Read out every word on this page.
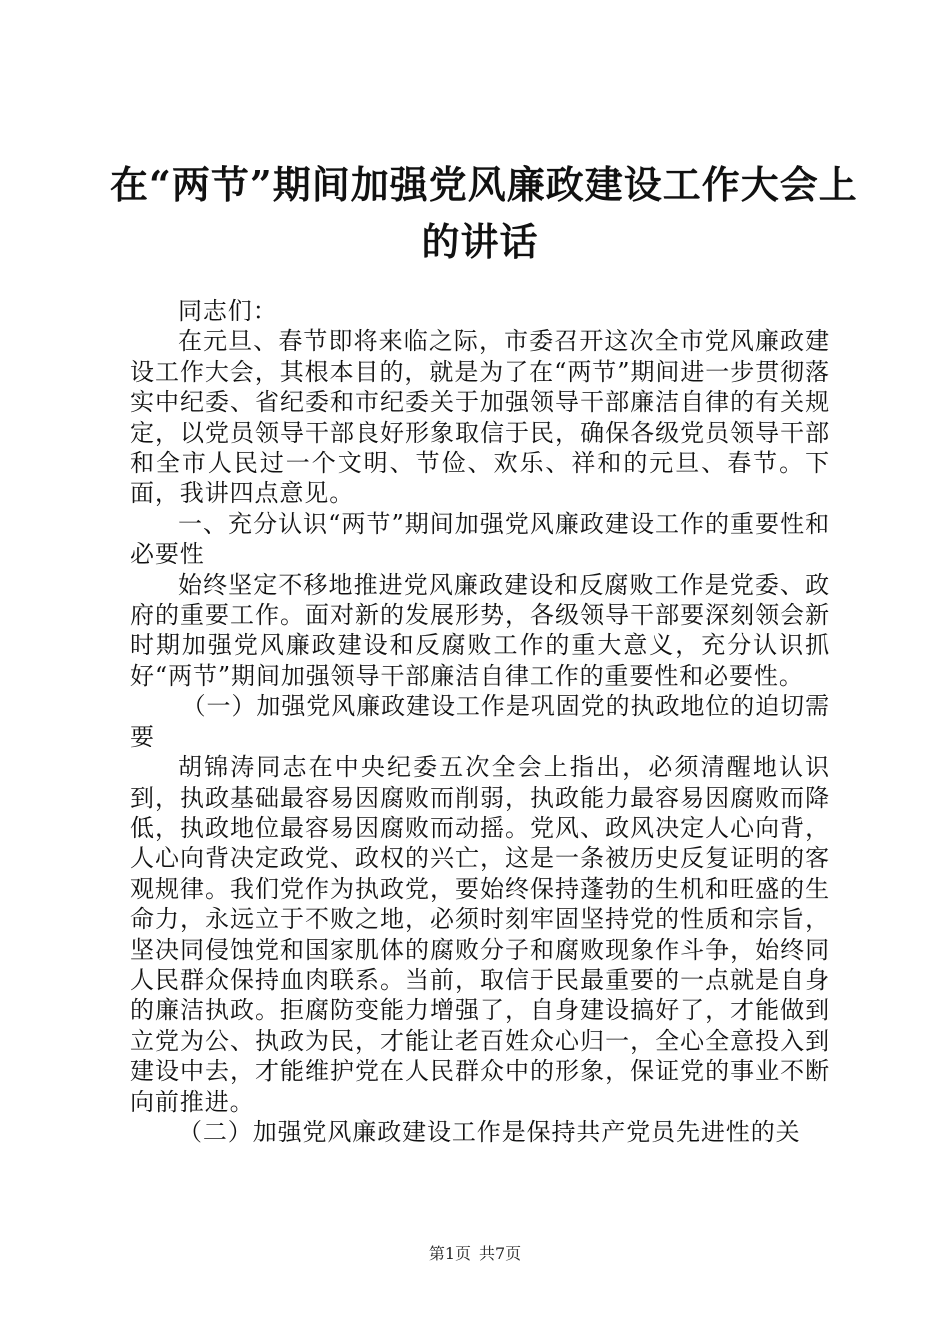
在“两节”期间加强党风廉政建设工作大会上
的讲话

同志们：

在元旦、春节即将来临之际，市委召开这次全市党风廉政建设工作大会，其根本目的，就是为了在“两节”期间进一步贯彻落实中纪委、省纪委和市纪委关于加强领导干部廉洁自律的有关规定，以党员领导干部良好形象取信于民，确保各级党员领导干部和全市人民过一个文明、节俭、欢乐、祥和的元旦、春节。下面，我讲四点意见。

一、充分认识“两节”期间加强党风廉政建设工作的重要性和必要性

始终坚定不移地推进党风廉政建设和反腐败工作是党委、政府的重要工作。面对新的发展形势，各级领导干部要深刻领会新时期加强党风廉政建设和反腐败工作的重大意义，充分认识抓好“两节”期间加强领导干部廉洁自律工作的重要性和必要性。

（一）加强党风廉政建设工作是巩固党的执政地位的迫切需要

胡锦涛同志在中央纪委五次全会上指出，必须清醒地认识到，执政基础最容易因腐败而削弱，执政能力最容易因腐败而降低，执政地位最容易因腐败而动摇。党风、政风决定人心向背，人心向背决定政党、政权的兴亡，这是一条被历史反复证明的客观规律。我们党作为执政党，要始终保持蓬勃的生机和旺盛的生命力，永远立于不败之地，必须时刻牢固坚持党的性质和宗旨，坚决同侵蚀党和国家肌体的腐败分子和腐败现象作斗争，始终同人民群众保持血肉联系。当前，取信于民最重要的一点就是自身的廉洁执政。拒腐防变能力增强了，自身建设搞好了，才能做到立党为公、执政为民，才能让老百姓众心归一，全心全意投入到建设中去，才能维护党在人民群众中的形象，保证党的事业不断向前推进。

（二）加强党风廉政建设工作是保持共产党员先进性的关

第1页 共7页
